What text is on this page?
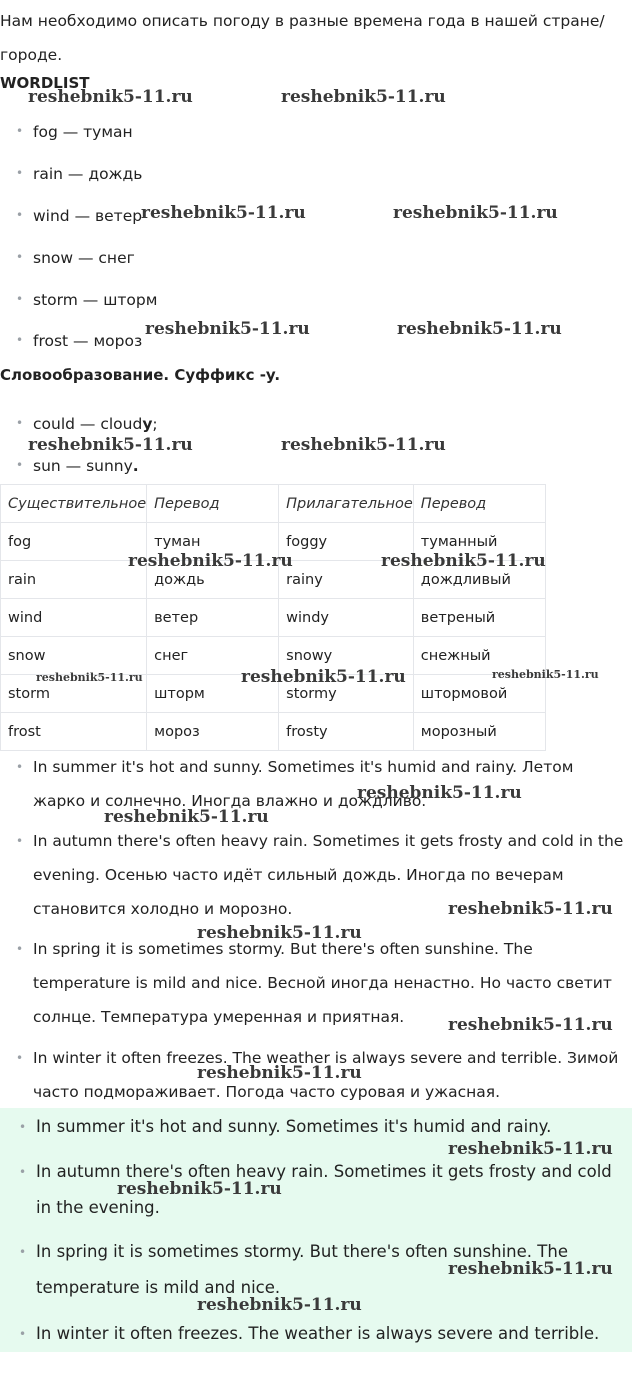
Нам необходимо описать погоду в разные времена года в нашей стране/городе.

WORDLIST

• fog — туман
• rain — дождь
• wind — ветер
• snow — снег
• storm — шторм
• frost — мороз

Словообразование. Суффикс -y.

• could — cloudy;
• sun — sunny.
Существительное	Перевод	Прилагательное	Перевод
fog	туман	foggy	туманный
rain	дождь	rainy	дождливый
wind	ветер	windy	ветреный
snow	снег	snowy	снежный
storm	шторм	stormy	штормовой
frost	мороз	frosty	морозный
• In summer it's hot and sunny. Sometimes it's humid and rainy. Летом жарко и солнечно. Иногда влажно и дождливо.
• In autumn there's often heavy rain. Sometimes it gets frosty and cold in the evening. Осенью часто идёт сильный дождь. Иногда по вечерам становится холодно и морозно.
• In spring it is sometimes stormy. But there's often sunshine. The temperature is mild and nice. Весной иногда ненастно. Но часто светит солнце. Температура умеренная и приятная.
• In winter it often freezes. The weather is always severe and terrible. Зимой часто подмораживает. Погода часто суровая и ужасная.
• In summer it's hot and sunny. Sometimes it's humid and rainy.
• In autumn there's often heavy rain. Sometimes it gets frosty and cold in the evening.
• In spring it is sometimes stormy. But there's often sunshine. The temperature is mild and nice.
• In winter it often freezes. The weather is always severe and terrible.
reshebnik5-11.ru	reshebnik5-11.ru
reshebnik5-11.ru	reshebnik5-11.ru
reshebnik5-11.ru	reshebnik5-11.ru
reshebnik5-11.ru	reshebnik5-11.ru
reshebnik5-11.ru	reshebnik5-11.ru
reshebnik5-11.ru	reshebnik5-11.ru	reshebnik5-11.ru
reshebnik5-11.ru
reshebnik5-11.ru
reshebnik5-11.ru
reshebnik5-11.ru
reshebnik5-11.ru
reshebnik5-11.ru
reshebnik5-11.ru
reshebnik5-11.ru
reshebnik5-11.ru
reshebnik5-11.ru
